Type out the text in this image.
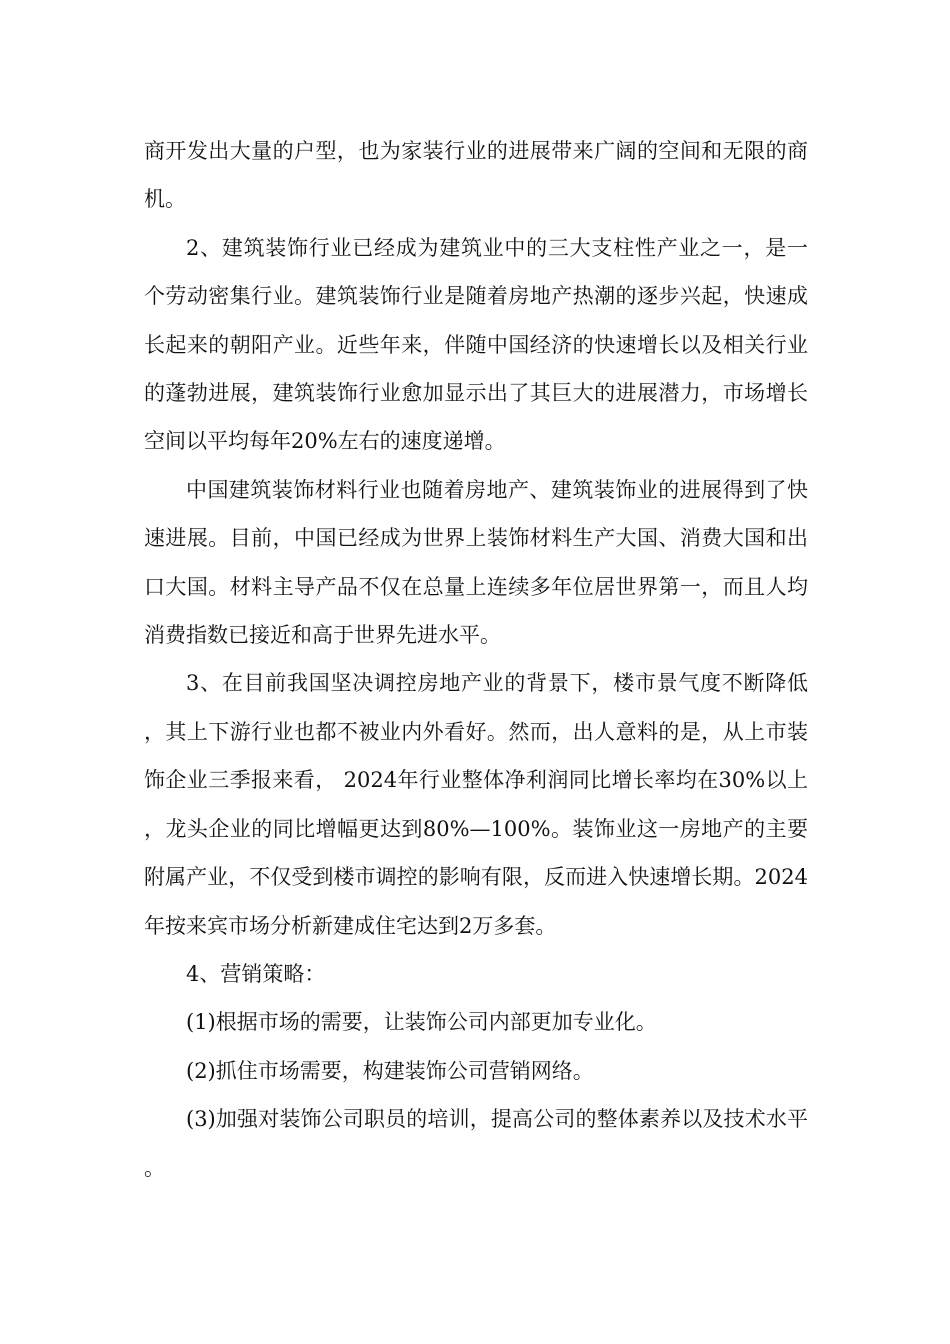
商开发出大量的户型，也为家装行业的进展带来广阔的空间和无限的商机。

2、建筑装饰行业已经成为建筑业中的三大支柱性产业之一，是一个劳动密集行业。建筑装饰行业是随着房地产热潮的逐步兴起，快速成长起来的朝阳产业。近些年来，伴随中国经济的快速增长以及相关行业的蓬勃进展，建筑装饰行业愈加显示出了其巨大的进展潜力，市场增长空间以平均每年20%左右的速度递增。

中国建筑装饰材料行业也随着房地产、建筑装饰业的进展得到了快速进展。目前，中国已经成为世界上装饰材料生产大国、消费大国和出口大国。材料主导产品不仅在总量上连续多年位居世界第一，而且人均消费指数已接近和高于世界先进水平。

3、在目前我国坚决调控房地产业的背景下，楼市景气度不断降低，其上下游行业也都不被业内外看好。然而，出人意料的是，从上市装饰企业三季报来看， 2024年行业整体净利润同比增长率均在30%以上，龙头企业的同比增幅更达到80%—100%。装饰业这一房地产的主要附属产业，不仅受到楼市调控的影响有限，反而进入快速增长期。2024年按来宾市场分析新建成住宅达到2万多套。

4、营销策略：

(1)根据市场的需要，让装饰公司内部更加专业化。

(2)抓住市场需要，构建装饰公司营销网络。

(3)加强对装饰公司职员的培训，提高公司的整体素养以及技术水平。
